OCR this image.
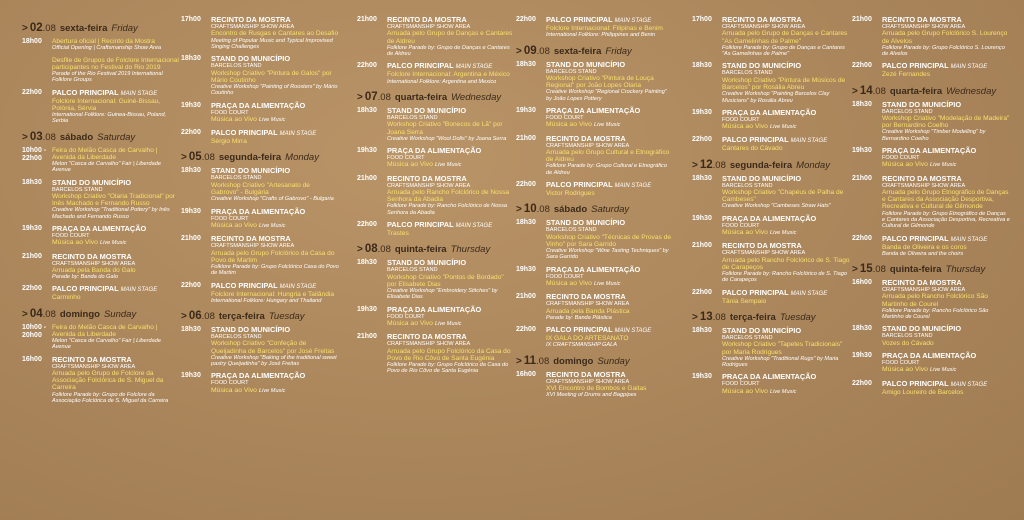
> 02 .08 sexta-feira Friday
18h00	Abertura oficial | Recinto da Mostra
Official Opening | Craftsmanship Show Area
Desfile de Grupos de Folclore Internacional participantes no Festival do Rio 2019
Parade of the Rio Festival 2019 International Folklore Groups
22h00	PALCO PRINCIPAL MAIN STAGE
Folclore Internacional: Guiné-Bissau, Polónia, Sérvia
International Folklore: Guinea-Bissau, Poland, Serbia
> 03 .08 sábado Saturday
10h00 - 22h00
Feira do Melão Casca de Carvalho | Avenida da Liberdade
Melon "Casca de Carvalho" Fair | Liberdade Avenue
18h30	STAND DO MUNICÍPIO
BARCELOS STAND
Workshop Criativo "Olaria Tradicional" por Inês Machado e Fernando Russo
Creative Workshop "Traditional Pottery" by Inês Machado and Fernando Russo
19h30	PRAÇA DA ALIMENTAÇÃO
FOOD COURT
Música ao Vivo Live Music
21h00	RECINTO DA MOSTRA
CRAFTSMANSHIP SHOW AREA
Arruada pela Banda do Galo
Parade by: Banda do Galo
22h00	PALCO PRINCIPAL MAIN STAGE
Carminho
> 04 .08 domingo Sunday
10h00 - 20h00
Feira do Melão Casca de Carvalho | Avenida da Liberdade
Melon "Casca de Carvalho" Fair | Liberdade Avenue
16h00	RECINTO DA MOSTRA
CRAFTSMANSHIP SHOW AREA
Arruada pelo Grupo de Folclore da Associação Folclórica de S. Miguel da Carreira
Folklore Parade by: Grupo de Folclore da Associação Folclórica de S. Miguel da Carreira
17h00	RECINTO DA MOSTRA
CRAFTSMANSHIP SHOW AREA
Encontro de Rusgas e Cantares ao Desafio
Meeting of Popular Music and Typical Improvised Singing Challenges
18h30	STAND DO MUNICÍPIO
BARCELOS STAND
Workshop Criativo "Pintura de Galos" por Mário Coutinho
Creative Workshop "Painting of Roosters" by Mário Coutinho
19h30	PRAÇA DA ALIMENTAÇÃO
FOOD COURT
Música ao Vivo Live Music
22h00	PALCO PRINCIPAL MAIN STAGE
Sérgio Mirra
> 05 .08 segunda-feira Monday
18h30	STAND DO MUNICÍPIO
BARCELOS STAND
Workshop Criativo "Artesanato de Gabrovo" - Bulgária
Creative Workshop "Crafts of Gabrovo" - Bulgaria
19h30	PRAÇA DA ALIMENTAÇÃO
FOOD COURT
Música ao Vivo Live Music
21h00	RECINTO DA MOSTRA
CRAFTSMANSHIP SHOW AREA
Arruada pelo Grupo Folclórico da Casa do Povo de Martim
Folklore Parade by: Grupo Folclórico Casa do Povo de Martim
22h00	PALCO PRINCIPAL MAIN STAGE
Folclore Internacional: Hungria e Tailândia
International Folklore: Hungary and Thailand
> 06 .08 terça-feira Tuesday
18h30	STAND DO MUNICÍPIO
BARCELOS STAND
Workshop Criativo "Confeção de Queijadinha de Barcelos" por José Freitas
Creative Workshop "Baking of the traditional sweet pastry Queijadinha" by José Freitas
19h30	PRAÇA DA ALIMENTAÇÃO
FOOD COURT
Música ao Vivo Live Music
21h00	RECINTO DA MOSTRA
CRAFTSMANSHIP SHOW AREA
Arruada pelo Grupo de Danças e Cantares de Aldreu
Folklore Parade by: Grupo de Danças e Cantares de Aldreu
22h00	PALCO PRINCIPAL MAIN STAGE
Folclore Internacional: Argentina e México
International Folklore: Argentina and Mexico
> 07 .08 quarta-feira Wednesday
18h30	STAND DO MUNICÍPIO
BARCELOS STAND
Workshop Criativo "Bonecos de Lã" por Joana Serra
Creative Workshop "Wool Dolls" by Joana Serra
19h30	PRAÇA DA ALIMENTAÇÃO
FOOD COURT
Música ao Vivo Live Music
21h00	RECINTO DA MOSTRA
CRAFTSMANSHIP SHOW AREA
Arruada pelo Rancho Folclórico de Nossa Senhora da Abadia
Folklore Parade by: Rancho Folclórico de Nossa Senhora da Abadia
22h00	PALCO PRINCIPAL MAIN STAGE
Trastes
> 08 .08 quinta-feira Thursday
18h30	STAND DO MUNICÍPIO
BARCELOS STAND
Workshop Criativo "Pontos de Bordado" por Elisabete Dias
Creative Workshop "Embroidery Stitches" by Elisabete Dias
19h30	PRAÇA DA ALIMENTAÇÃO
FOOD COURT
Música ao Vivo Live Music
21h00	RECINTO DA MOSTRA
CRAFTSMANSHIP SHOW AREA
Arruada pelo Grupo Folclórico da Casa do Povo de Rio Côvo de Santa Eugénia
Folklore Parade by: Grupo Folclórico da Casa do Povo de Rio Côvo de Santa Eugénia
22h00	PALCO PRINCIPAL MAIN STAGE
Folclore Internacional: Filipinas e Benim
International Folklore: Philippines and Benin
> 09 .08 sexta-feira Friday
18h30	STAND DO MUNICÍPIO
BARCELOS STAND
Workshop Criativo "Pintura de Louça Regional" por João Lopes Olaria
Creative Workshop "Regional Crockery Painting" by João Lopes Pottery
19h30	PRAÇA DA ALIMENTAÇÃO
FOOD COURT
Música ao Vivo Live Music
21h00	RECINTO DA MOSTRA
CRAFTSMANSHIP SHOW AREA
Arruada pelo Grupo Cultural e Etnográfico de Aldreu
Folklore Parade by: Grupo Cultural e Etnográfico de Aldreu
22h00	PALCO PRINCIPAL MAIN STAGE
Victor Rodrigues
> 10 .08 sábado Saturday
18h30	STAND DO MUNICÍPIO
BARCELOS STAND
Workshop Criativo "Técnicas de Provas de Vinho" por Sara Garrido
Creative Workshop "Wine Tasting Techniques" by Sara Garrido
19h30	PRAÇA DA ALIMENTAÇÃO
FOOD COURT
Música ao Vivo Live Music
21h00	RECINTO DA MOSTRA
CRAFTSMANSHIP SHOW AREA
Arruada pela Banda Plástica
Parade by: Banda Plástica
22h00	PALCO PRINCIPAL MAIN STAGE
IX GALA DO ARTESANATO
IX CRAFTSMANSHIP GALA
> 11 .08 domingo Sunday
16h00	RECINTO DA MOSTRA
CRAFTSMANSHIP SHOW AREA
XVI Encontro de Bombos e Gaitas
XVI Meeting of Drums and Bagpipes
17h00	RECINTO DA MOSTRA
CRAFTSMANSHIP SHOW AREA
Arruada pelo Grupo de Danças e Cantares "As Gamelinhas de Palme"
Folklore Parade by: Grupo de Danças e Cantares "As Gamelinhas de Palme"
18h30	STAND DO MUNICÍPIO
BARCELOS STAND
Workshop Criativo "Pintura de Músicos de Barcelos" por Rosália Abreu
Creative Workshop "Painting Barcelos Clay Musicians" by Rosália Abreu
19h30	PRAÇA DA ALIMENTAÇÃO
FOOD COURT
Música ao Vivo Live Music
22h00	PALCO PRINCIPAL MAIN STAGE
Cantares do Cávado
> 12 .08 segunda-feira Monday
18h30	STAND DO MUNICÍPIO
BARCELOS STAND
Workshop Criativo "Chapéus de Palha de Cambeses"
Creative Workshop "Cambeses Straw Hats"
19h30	PRAÇA DA ALIMENTAÇÃO
FOOD COURT
Música ao Vivo Live Music
21h00	RECINTO DA MOSTRA
CRAFTSMANSHIP SHOW AREA
Arruada pelo Rancho Folclórico de S. Tiago de Carapeços
Folklore Parade by: Rancho Folclórico de S. Tiago de Carapeços
22h00	PALCO PRINCIPAL MAIN STAGE
Tânia Sempaio
> 13 .08 terça-feira Tuesday
18h30	STAND DO MUNICÍPIO
BARCELOS STAND
Workshop Criativo "Tapetes Tradicionais" por Maria Rodrigues
Creative Workshop "Traditional Rugs" by Maria Rodrigues
19h30	PRAÇA DA ALIMENTAÇÃO
FOOD COURT
Música ao Vivo Live Music
21h00	RECINTO DA MOSTRA
CRAFTSMANSHIP SHOW AREA
Arruada pelo Grupo Folclórico S. Lourenço de Alvelos
Folklore Parade by: Grupo Folclórico S. Lourenço de Alvelos
22h00	PALCO PRINCIPAL MAIN STAGE
Zezé Fernandes
> 14 .08 quarta-feira Wednesday
18h30	STAND DO MUNICÍPIO
BARCELOS STAND
Workshop Criativo "Modelação de Madeira" por Bernardino Coelho
Creative Workshop "Timber Modelling" by Bernardino Coelho
19h30	PRAÇA DA ALIMENTAÇÃO
FOOD COURT
Música ao Vivo Live Music
21h00	RECINTO DA MOSTRA
CRAFTSMANSHIP SHOW AREA
Arruada pelo Grupo Etnográfico de Danças e Cantares da Associação Desportiva, Recreativa e Cultural de Gilmonde
Folklore Parade by: Grupo Etnográfico de Danças e Cantares da Associação Desportiva, Recreativa e Cultural de Gilmonde
22h00	PALCO PRINCIPAL MAIN STAGE
Banda de Oliveira e os coros
Banda de Oliveira and the choirs
> 15 .08 quinta-feira Thursday
16h00	RECINTO DA MOSTRA
CRAFTSMANSHIP SHOW AREA
Arruada pelo Rancho Folclórico São Martinho de Courel
Folklore Parade by: Rancho Folclórico São Martinho de Courel
18h30	STAND DO MUNICÍPIO
BARCELOS STAND
Vozes do Cávado
19h30	PRAÇA DA ALIMENTAÇÃO
FOOD COURT
Música ao Vivo Live Music
22h00	PALCO PRINCIPAL MAIN STAGE
Amigo Loureiro de Barcelos
